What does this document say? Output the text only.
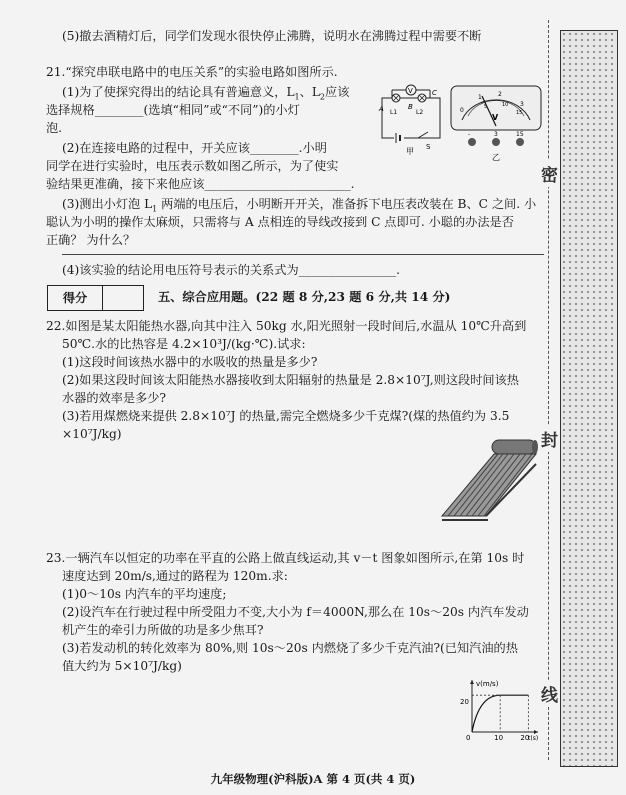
(5)撤去酒精灯后，同学们发现水很快停止沸腾，说明水在沸腾过程中需要不断
21.“探究串联电路中的电压关系”的实验电路如图所示.
(1)为了使探究得出的结论具有普遍意义，$L_1$、$L_2$应该
选择规格________(选填“相同”或“不同”)的小灯
泡.
(2)在连接电路的过程中，开关应该________.小明
同学在进行实验时，电压表示数如图乙所示，为了使实
验结果更准确，接下来他应该________________________.
(3)测出小灯泡 $L_1$ 两端的电压后，小明断开开关，准备拆下电压表改装在 B、C 之间. 小
聪认为小明的操作太麻烦，只需将与 A 点相连的导线改接到 C 点即可. 小聪的办法是否
正确？ 为什么？
(4)该实验的结论用电压符号表示的关系式为________________.
V
A	B
C
L1	L2
S
甲
0
1	2
3
5	10
15
V
-	3	15
乙
得分	五、综合应用题。(22 题 8 分,23 题 6 分,共 14 分)
22.如图是某太阳能热水器,向其中注入 50kg 水,阳光照射一段时间后,水温从 10℃升高到
50℃.水的比热容是 4.2×10³J/(kg·℃).试求:
(1)这段时间该热水器中的水吸收的热量是多少?
(2)如果这段时间该太阳能热水器接收到太阳辐射的热量是 2.8×10⁷J,则这段时间该热
水器的效率是多少?
(3)若用煤燃烧来提供 2.8×10⁷J 的热量,需完全燃烧多少千克煤?(煤的热值约为 3.5
×10⁷J/kg)
23.一辆汽车以恒定的功率在平直的公路上做直线运动,其 v－t 图象如图所示,在第 10s 时
速度达到 20m/s,通过的路程为 120m.求:
(1)0～10s 内汽车的平均速度;
(2)设汽车在行驶过程中所受阻力不变,大小为 f＝4000N,那么在 10s～20s 内汽车发动
机产生的牵引力所做的功是多少焦耳?
(3)若发动机的转化效率为 80%,则 10s～20s 内燃烧了多少千克汽油?(已知汽油的热
值大约为 5×10⁷J/kg)
v(m/s)
t(s)
20
0	10 20
密
封
线
九年级物理(沪科版)A 第 4 页(共 4 页)
